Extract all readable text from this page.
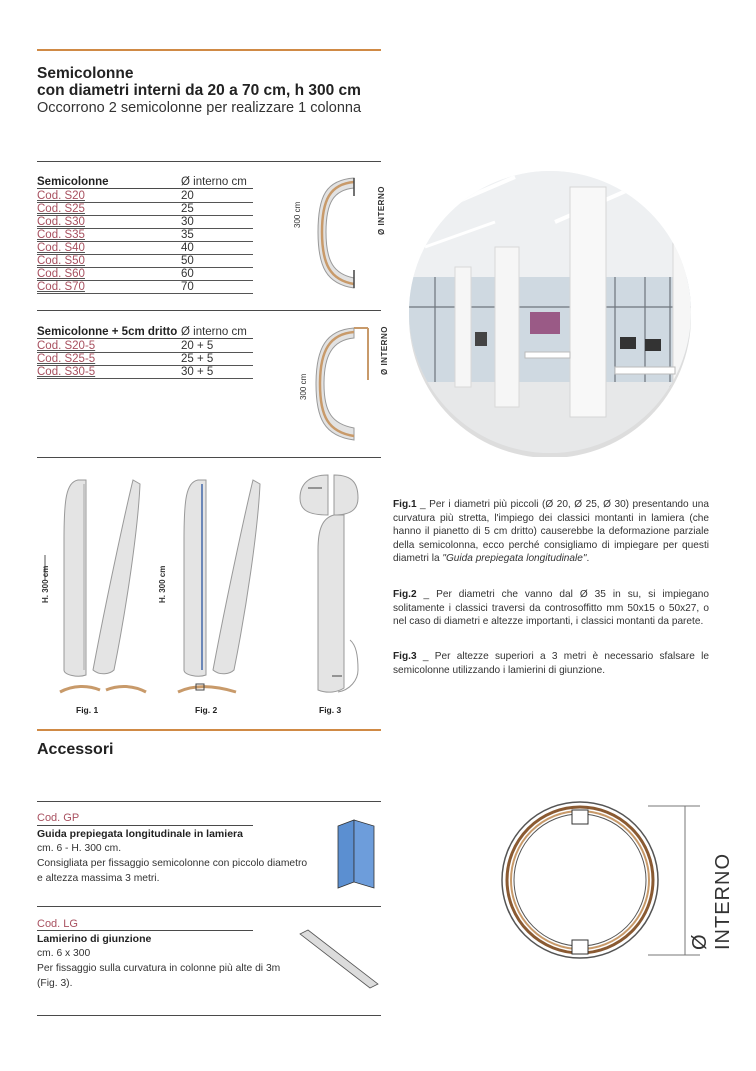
Semicolonne
con diametri interni da 20 a 70 cm, h 300 cm
Occorrono 2 semicolonne per realizzare 1 colonna
Semicolonne	Ø interno cm
Cod. S20	20
Cod. S25	25
Cod. S30	30
Cod. S35	35
Cod. S40	40
Cod. S50	50
Cod. S60	60
Cod. S70	70
300 cm	Ø INTERNO
Semicolonne + 5cm dritto Ø interno cm
Cod. S20-5	20 + 5
Cod. S25-5	25 + 5
Cod. S30-5	30 + 5
300 cm
Ø INTERNO
H. 300 cm	H. 300 cm
Fig. 1	Fig. 2	Fig. 3
Fig.1 _ Per i diametri più piccoli (Ø 20, Ø 25, Ø 30) presentando una curvatura più stretta, l'impiego dei classici montanti in lamiera (che hanno il pianetto di 5 cm dritto) causerebbe la deformazione parziale della semicolonna, ecco perché consigliamo di impiegare per questi diametri la "Guida prepiegata longitudinale".
Fig.2 _ Per diametri che vanno dal Ø 35 in su, si impiegano solitamente i classici traversi da controsoffitto mm 50x15 o 50x27, o nel caso di diametri e altezze importanti, i classici montanti da parete.
Fig.3 _ Per altezze superiori a 3 metri è necessario sfalsare le semicolonne utilizzando i lamierini di giunzione.
Accessori
Cod. GP
Guida prepiegata longitudinale in lamiera
cm. 6 - H. 300 cm.
Consigliata per fissaggio semicolonne con piccolo diametro
e altezza massima 3 metri.
Cod. LG
Lamierino di giunzione
cm. 6 x 300
Per fissaggio sulla curvatura in colonne più alte di 3m
(Fig. 3).
Ø INTERNO
